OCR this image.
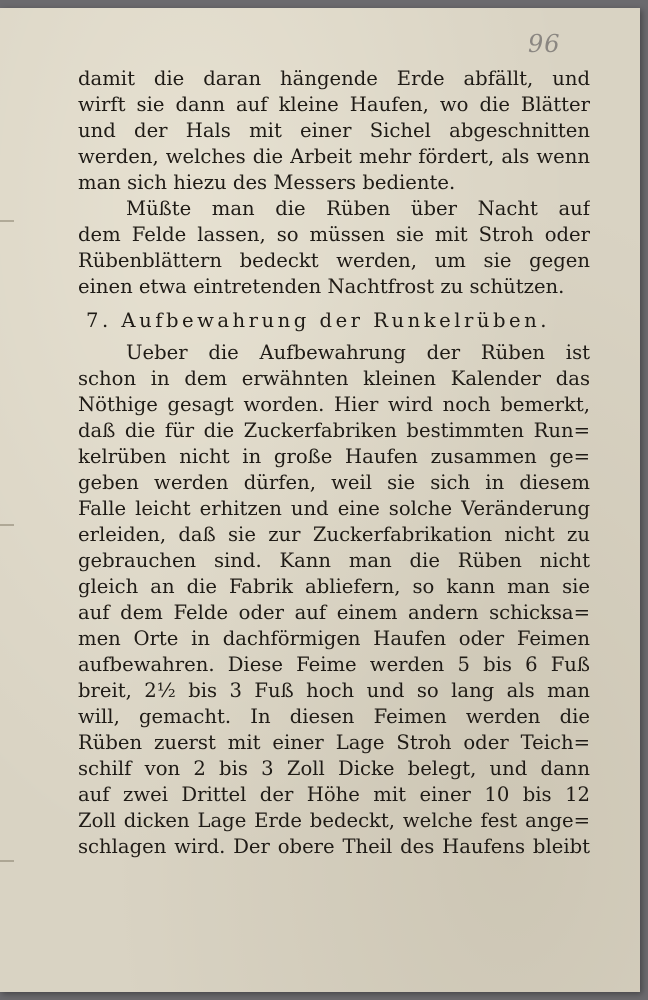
96
damit die daran hängende Erde abfällt, und
wirft sie dann auf kleine Haufen, wo die Blätter
und der Hals mit einer Sichel abgeschnitten
werden, welches die Arbeit mehr fördert, als wenn
man sich hiezu des Messers bediente.
Müßte man die Rüben über Nacht auf
dem Felde lassen, so müssen sie mit Stroh oder
Rübenblättern bedeckt werden, um sie gegen
einen etwa eintretenden Nachtfrost zu schützen.
7. Aufbewahrung der Runkelrüben.
Ueber die Aufbewahrung der Rüben ist
schon in dem erwähnten kleinen Kalender das
Nöthige gesagt worden. Hier wird noch bemerkt,
daß die für die Zuckerfabriken bestimmten Run=
kelrüben nicht in große Haufen zusammen ge=
geben werden dürfen, weil sie sich in diesem
Falle leicht erhitzen und eine solche Veränderung
erleiden, daß sie zur Zuckerfabrikation nicht zu
gebrauchen sind. Kann man die Rüben nicht
gleich an die Fabrik abliefern, so kann man sie
auf dem Felde oder auf einem andern schicksa=
men Orte in dachförmigen Haufen oder Feimen
aufbewahren. Diese Feime werden 5 bis 6 Fuß
breit, 2½ bis 3 Fuß hoch und so lang als man
will, gemacht. In diesen Feimen werden die
Rüben zuerst mit einer Lage Stroh oder Teich=
schilf von 2 bis 3 Zoll Dicke belegt, und dann
auf zwei Drittel der Höhe mit einer 10 bis 12
Zoll dicken Lage Erde bedeckt, welche fest ange=
schlagen wird. Der obere Theil des Haufens bleibt
